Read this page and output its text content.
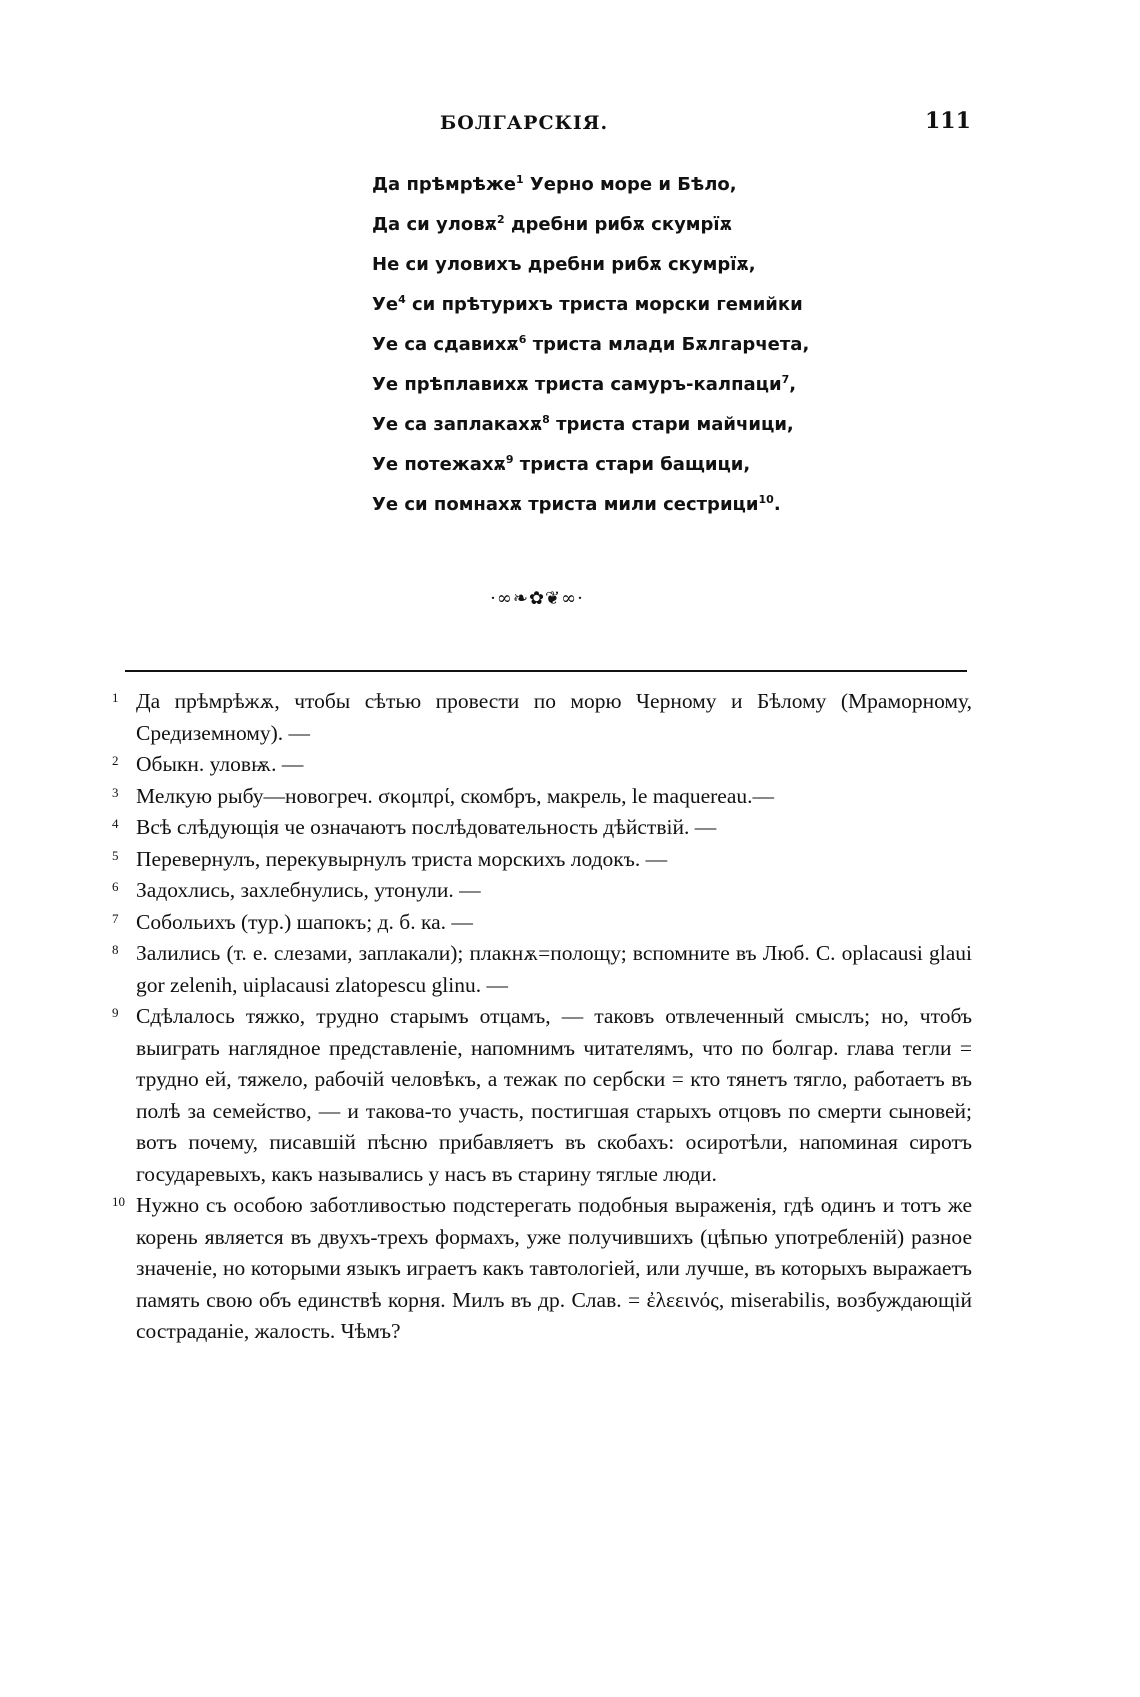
БОЛГАРСКІЯ.	111
Да прѣмрѣже$^1$ Уерно море и Бѣло,
Да си уловѫ$^2$ дребни рибѫ скумрїѫ
Не си уловихъ дребни рибѫ скумрїѫ,
$Уе^4$ си прѣтурихъ триста морски гемийки
Уе са сдавихѫ$^6$ триста млади Бѫлгарчета,
Уе прѣплавихѫ триста самуръ-калпаци$^7$,
Уе са заплакахѫ$^8$ триста стари майчици,
Уе потежахѫ$^9$ триста стари бащици,
Уе си помнахѫ триста мили сестрици$^{10}$.
·∞❧✿❦∞·
1 Да прѣмрѣжѫ, чтобы сѣтью провести по морю Черному и Бѣлому (Мраморному, Средиземному). —
2 Обыкн. уловѭ. —
3 Мелкую рыбу—новогреч. σκομπρί, скомбръ, макрель, le maquereau.—
4 Всѣ слѣдующія че означаютъ послѣдовательность дѣйствій. —
5 Перевернулъ, перекувырнулъ триста морскихъ лодокъ. —
6 Задохлись, захлебнулись, утонули. —
7 Собольихъ (тур.) шапокъ; д. б. ка. —
8 Залились (т. е. слезами, заплакали); плакнѫ=полощу; вспомните въ Люб. С. oplacausi glaui gor zelenih, uiplacausi zlatopescu glinu. —
9 Сдѣлалось тяжко, трудно старымъ отцамъ, — таковъ отвлеченный смыслъ; но, чтобъ выиграть наглядное представленіе, напомнимъ читателямъ, что по болгар. глава тегли = трудно ей, тяжело, рабочій человѣкъ, а тежак по сербски = кто тянетъ тягло, работаетъ въ полѣ за семейство, — и такова-то участь, постигшая старыхъ отцовъ по смерти сыновей; вотъ почему, писавшій пѣсню прибавляетъ въ скобахъ: осиротѣли, напоминая сиротъ государевыхъ, какъ назывались у насъ въ старину тяглые люди.
10 Нужно съ особою заботливостью подстерегать подобныя выраженія, гдѣ одинъ и тотъ же корень является въ двухъ-трехъ формахъ, уже получившихъ (цѣпью употребленій) разное значеніе, но которыми языкъ играетъ какъ тавтологіей, или лучше, въ которыхъ выражаетъ память свою объ единствѣ корня. Милъ въ др. Слав. = ἐλεεινός, miserabilis, возбуждающій состраданіе, жалость. Чѣмъ?
